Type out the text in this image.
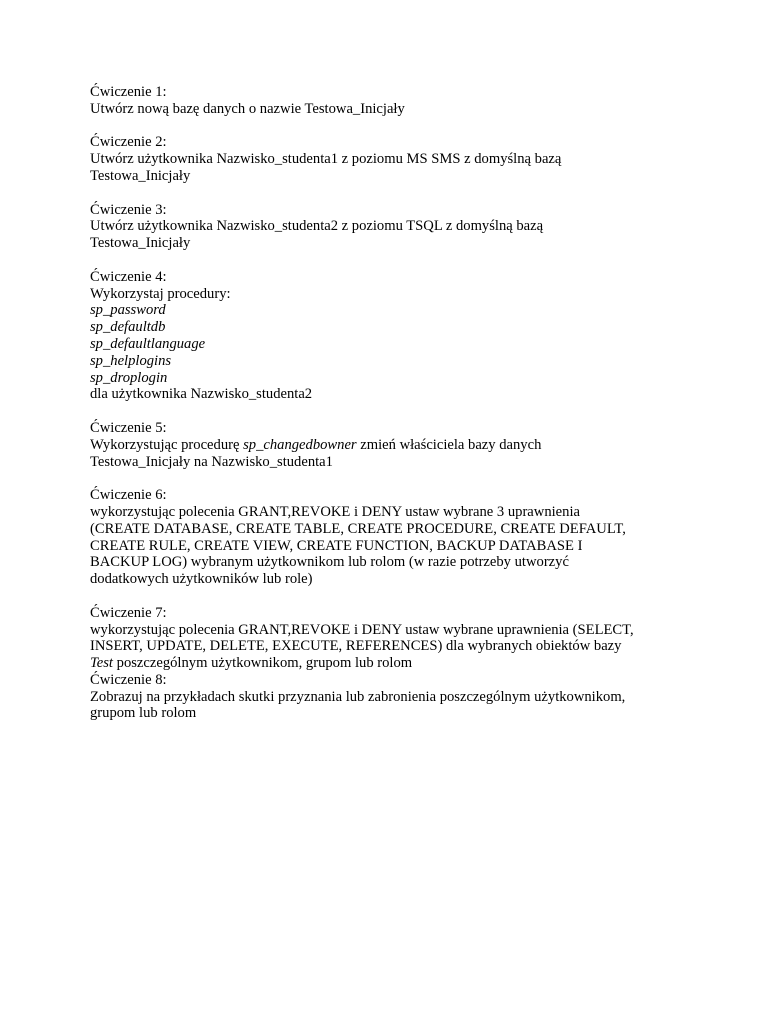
Ćwiczenie 1:
Utwórz nową bazę danych o nazwie Testowa_Inicjały
Ćwiczenie 2:
Utwórz użytkownika Nazwisko_studenta1 z poziomu MS SMS z domyślną bazą
Testowa_Inicjały
Ćwiczenie 3:
Utwórz użytkownika Nazwisko_studenta2 z poziomu TSQL z domyślną bazą
Testowa_Inicjały
Ćwiczenie 4:
Wykorzystaj procedury:
sp_password
sp_defaultdb
sp_defaultlanguage
sp_helplogins
sp_droplogin
dla użytkownika Nazwisko_studenta2
Ćwiczenie 5:
Wykorzystując procedurę sp_changedbowner zmień właściciela bazy danych
Testowa_Inicjały na Nazwisko_studenta1
Ćwiczenie 6:
wykorzystując polecenia GRANT,REVOKE i DENY ustaw wybrane 3 uprawnienia
(CREATE DATABASE, CREATE TABLE, CREATE PROCEDURE, CREATE DEFAULT,
CREATE RULE, CREATE VIEW, CREATE FUNCTION, BACKUP DATABASE I
BACKUP LOG) wybranym użytkownikom lub rolom (w razie potrzeby utworzyć
dodatkowych użytkowników lub role)
Ćwiczenie 7:
wykorzystując polecenia GRANT,REVOKE i DENY ustaw wybrane uprawnienia (SELECT,
INSERT, UPDATE, DELETE, EXECUTE, REFERENCES) dla wybranych obiektów bazy
Test poszczególnym użytkownikom, grupom lub rolom
Ćwiczenie 8:
Zobrazuj na przykładach skutki przyznania lub zabronienia poszczególnym użytkownikom,
grupom lub rolom
